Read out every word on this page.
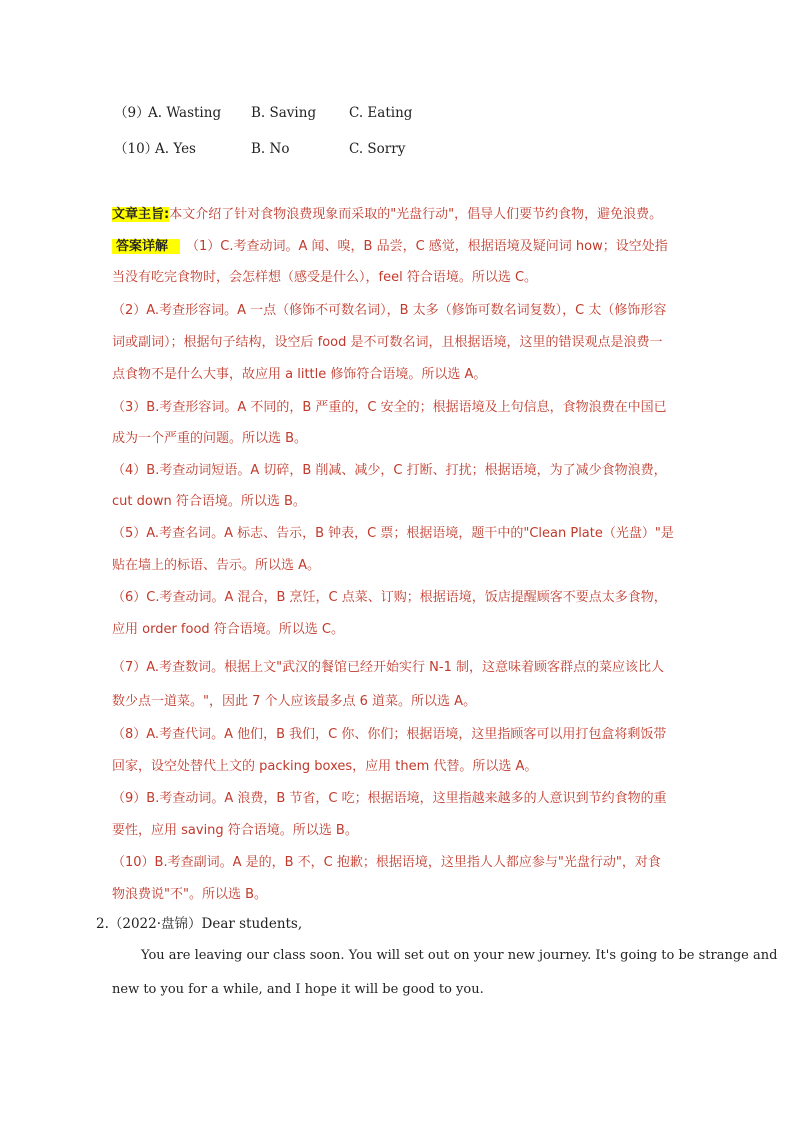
（9）
A. Wasting B. Saving C. Eating
（10）
A. Yes	B. No	C. Sorry
文章主旨:本文介绍了针对食物浪费现象而采取的"光盘行动"，倡导人们要节约食物，避免浪费。
答案详解 （1）C.考查动词。A 闻、嗅，B 品尝，C 感觉，根据语境及疑问词 how；设空处指
当没有吃完食物时，会怎样想（感受是什么），feel 符合语境。所以选 C。
（2）A.考查形容词。A 一点（修饰不可数名词），B 太多（修饰可数名词复数），C 太（修饰形容
词或副词）；根据句子结构，设空后 food 是不可数名词，且根据语境，这里的错误观点是浪费一
点食物不是什么大事，故应用 a little 修饰符合语境。所以选 A。
（3）B.考查形容词。A 不同的，B 严重的，C 安全的；根据语境及上句信息，食物浪费在中国已
成为一个严重的问题。所以选 B。
（4）B.考查动词短语。A 切碎，B 削减、减少，C 打断、打扰；根据语境，为了减少食物浪费，
cut down 符合语境。所以选 B。
（5）A.考查名词。A 标志、告示，B 钟表，C 票；根据语境，题干中的"Clean Plate（光盘）"是
贴在墙上的标语、告示。所以选 A。
（6）C.考查动词。A 混合，B 烹饪，C 点菜、订购；根据语境，饭店提醒顾客不要点太多食物，
应用 order food 符合语境。所以选 C。
（7）A.考查数词。根据上文"武汉的餐馆已经开始实行 N-1 制，这意味着顾客群点的菜应该比人
数少点一道菜。"，因此 7 个人应该最多点 6 道菜。所以选 A。
（8）A.考查代词。A 他们，B 我们，C 你、你们；根据语境，这里指顾客可以用打包盒将剩饭带
回家，设空处替代上文的 packing boxes，应用 them 代替。所以选 A。
（9）B.考查动词。A 浪费，B 节省，C 吃；根据语境，这里指越来越多的人意识到节约食物的重
要性，应用 saving 符合语境。所以选 B。
（10）B.考查副词。A 是的，B 不，C 抱歉；根据语境，这里指人人都应参与"光盘行动"，对食
物浪费说"不"。所以选 B。
2.（2022·盘锦）Dear students,
You are leaving our class soon. You will set out on your new journey. It's going to be strange and
new to you for a while, and I hope it will be good to you.
